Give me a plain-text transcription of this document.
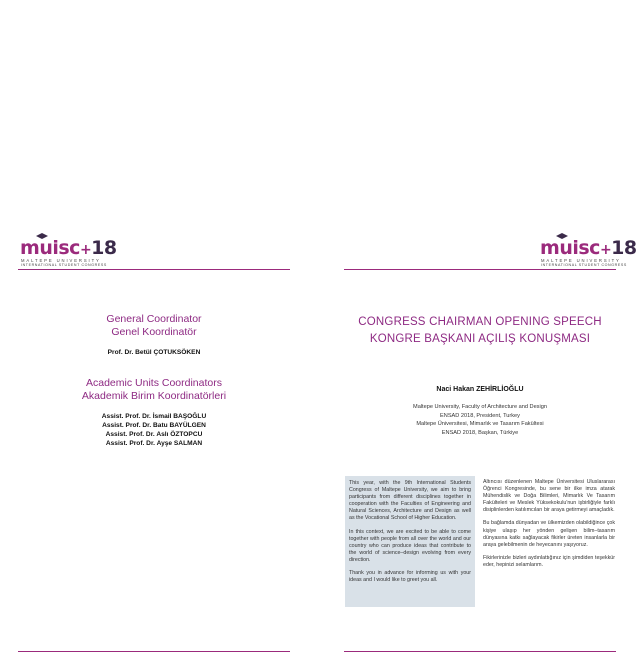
muisc+18
MALTEPE UNIVERSITY
INTERNATIONAL STUDENT CONGRESS
General Coordinator
Genel Koordinatör
Prof. Dr. Betül ÇOTUKSÖKEN
Academic Units Coordinators
Akademik Birim Koordinatörleri
Assist. Prof. Dr. İsmail BAŞOĞLU
Assist. Prof. Dr. Batu BAYÜLGEN
Assist. Prof. Dr. Aslı ÖZTOPCU
Assist. Prof. Dr. Ayşe SALMAN
muisc+18
MALTEPE UNIVERSITY
INTERNATIONAL STUDENT CONGRESS
CONGRESS CHAIRMAN OPENING SPEECH
KONGRE BAŞKANI AÇILIŞ KONUŞMASI
Naci Hakan ZEHİRLİOĞLU
Maltepe University, Faculty of Architecture and Design
ENSAD 2018, President, Turkey
Maltepe Üniversitesi, Mimarlık ve Tasarım Fakültesi
ENSAD 2018, Başkan, Türkiye

This year, with the 9th International Students Congress of Maltepe University, we aim to bring participants from different disciplines together in cooperation with the Faculties of Engineering and Natural Sciences, Architecture and Design as well as the Vocational School of Higher Education.

In this context, we are excited to be able to come together with people from all over the world and our country who can produce ideas that contribute to the world of science–design evolving from every direction.

Thank you in advance for informing us with your ideas and I would like to greet you all.

Altıncısı düzenlenen Maltepe Üniversitesi Uluslararası Öğrenci Kongresinde, bu sene bir ilke imza atarak Mühendislik ve Doğa Bilimleri, Mimarlık Ve Tasarım Fakülteleri ve Meslek Yüksekokulu'nun işbirliğiyle farklı disiplinlerden katılımcıları bir araya getirmeyi amaçladık.

Bu bağlamda dünyadan ve ülkemizden olabildiğince çok kişiye ulaşıp her yönden gelişen bilim–tasarım dünyasına katkı sağlayacak fikirler üreten insanlarla bir araya gelebilmenin de heyecanını yaşıyoruz.

Fikirlerinizle bizleri aydınlattığınız için şimdiden teşekkür eder, hepinizi selamlarım.
